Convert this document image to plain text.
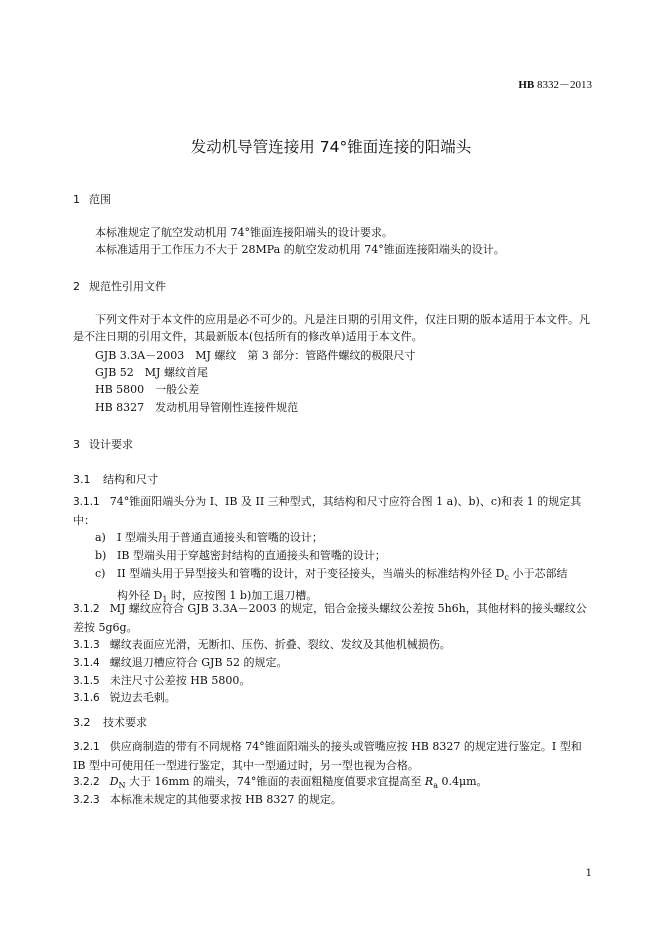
HB 8332－2013
发动机导管连接用 74°锥面连接的阳端头
1 范围
本标准规定了航空发动机用 74°锥面连接阳端头的设计要求。
本标准适用于工作压力不大于 28MPa 的航空发动机用 74°锥面连接阳端头的设计。
2 规范性引用文件
下列文件对于本文件的应用是必不可少的。凡是注日期的引用文件，仅注日期的版本适用于本文件。凡是不注日期的引用文件，其最新版本(包括所有的修改单)适用于本文件。
GJB 3.3A－2003　MJ 螺纹　第 3 部分：管路件螺纹的极限尺寸
GJB 52　MJ 螺纹首尾
HB 5800　一般公差
HB 8327　发动机用导管刚性连接件规范
3 设计要求
3.1 结构和尺寸
3.1.1 74°锥面阳端头分为 I、IB 及 II 三种型式，其结构和尺寸应符合图 1 a)、b)、c)和表 1 的规定其中：
a) I 型端头用于普通直通接头和管嘴的设计；
b) IB 型端头用于穿越密封结构的直通接头和管嘴的设计；
c) II 型端头用于异型接头和管嘴的设计，对于变径接头，当端头的标准结构外径 $D_c$ 小于芯部结
构外径 $D_1$ 时，应按图 1 b)加工退刀槽。
3.1.2 MJ 螺纹应符合 GJB 3.3A－2003 的规定，铝合金接头螺纹公差按 5h6h，其他材料的接头螺纹公差按 5g6g。
3.1.3 螺纹表面应光滑，无断扣、压伤、折叠、裂纹、发纹及其他机械损伤。
3.1.4 螺纹退刀槽应符合 GJB 52 的规定。
3.1.5 未注尺寸公差按 HB 5800。
3.1.6 锐边去毛刺。
3.2 技术要求
3.2.1 供应商制造的带有不同规格 74°锥面阳端头的接头或管嘴应按 HB 8327 的规定进行鉴定。I 型和 IB 型中可使用任一型进行鉴定，其中一型通过时，另一型也视为合格。
3.2.2 $D_N$ 大于 16mm 的端头，74°锥面的表面粗糙度值要求宜提高至 $R_a$ 0.4μm。
3.2.3 本标准未规定的其他要求按 HB 8327 的规定。
1
